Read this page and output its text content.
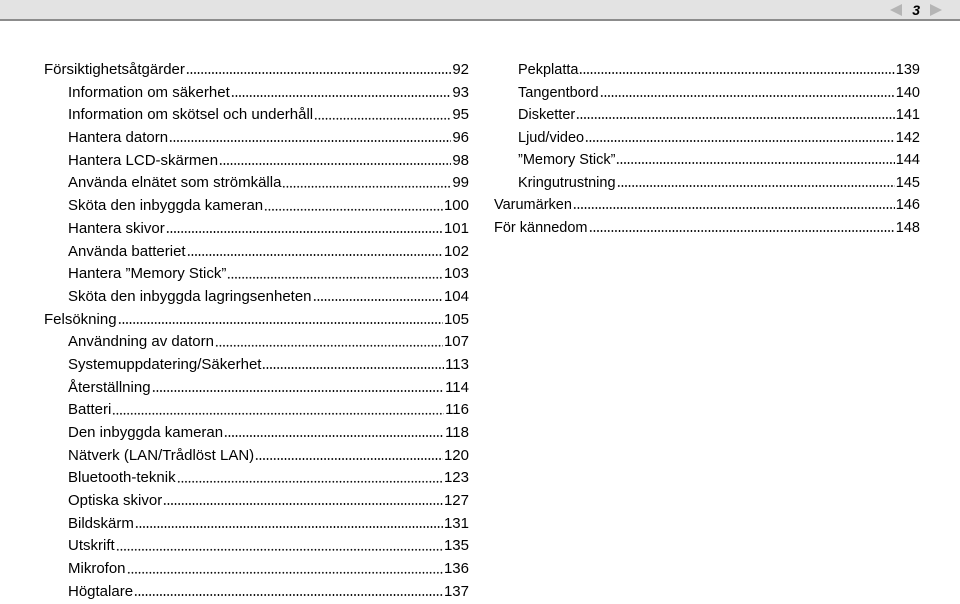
3
Försiktighetsåtgärder	92
Information om säkerhet	93
Information om skötsel och underhåll	95
Hantera datorn	96
Hantera LCD-skärmen	98
Använda elnätet som strömkälla	99
Sköta den inbyggda kameran	100
Hantera skivor	101
Använda batteriet	102
Hantera ”Memory Stick”	103
Sköta den inbyggda lagringsenheten	104
Felsökning	105
Användning av datorn	107
Systemuppdatering/Säkerhet	113
Återställning	114
Batteri	116
Den inbyggda kameran	118
Nätverk (LAN/Trådlöst LAN)	120
Bluetooth-teknik	123
Optiska skivor	127
Bildskärm	131
Utskrift	135
Mikrofon	136
Högtalare	137
Pekplatta	139
Tangentbord	140
Disketter	141
Ljud/video	142
”Memory Stick”	144
Kringutrustning	145
Varumärken	146
För kännedom	148
